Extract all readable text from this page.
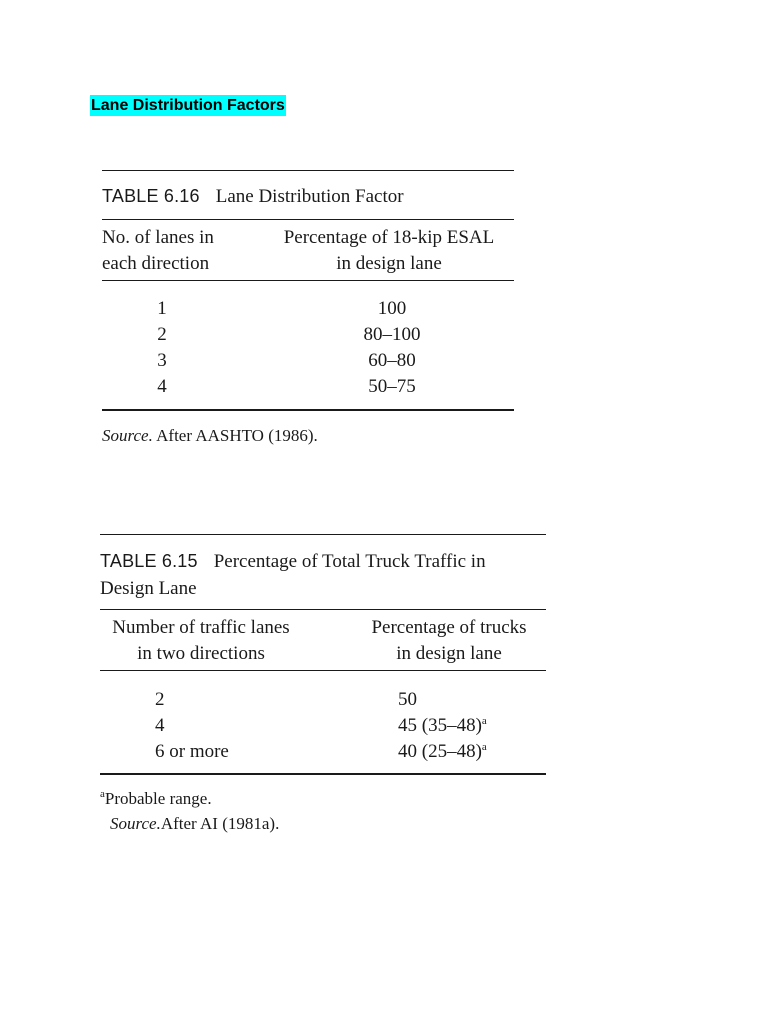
Lane Distribution Factors
TABLE 6.16 Lane Distribution Factor
No. of lanes in
each direction
Percentage of 18-kip ESAL
in design lane
1
2
3
4
100
80–100
60–80
50–75
Source. After AASHTO (1986).
TABLE 6.15 Percentage of Total Truck Traffic in
Design Lane
Number of traffic lanes
in two directions
Percentage of trucks
in design lane
2
4
6 or more
50
45 $(35-48)^a$
40 $(25-48)^a$
$^a$Probable range.
Source.After AI (1981a).
